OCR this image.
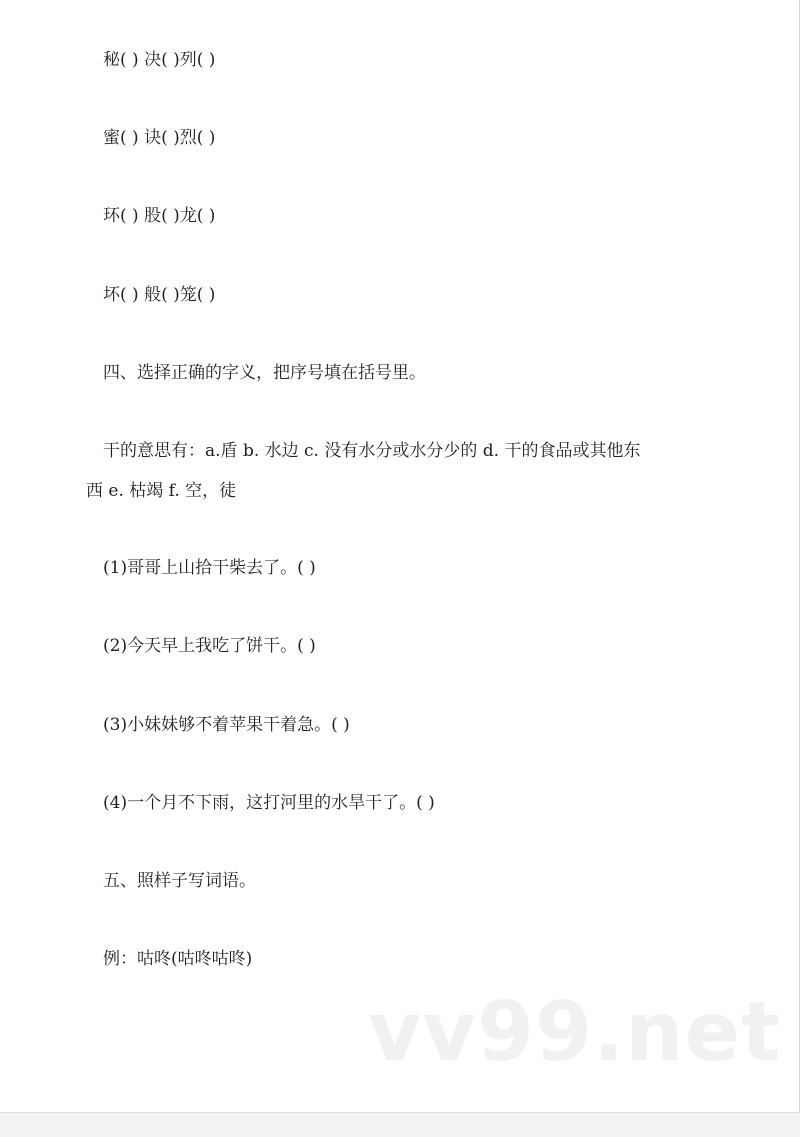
秘( ) 决( )列( )
蜜( ) 诀( )烈( )
环( ) 股( )龙( )
坏( ) 般( )笼( )
四、选择正确的字义，把序号填在括号里。
干的意思有：a.盾 b. 水边 c. 没有水分或水分少的 d. 干的食品或其他东
西 e. 枯竭 f. 空，徒
(1)哥哥上山拾干柴去了。( )
(2)今天早上我吃了饼干。( )
(3)小妹妹够不着苹果干着急。( )
(4)一个月不下雨，这打河里的水旱干了。( )
五、照样子写词语。
例：咕咚(咕咚咕咚)
vv99.net
